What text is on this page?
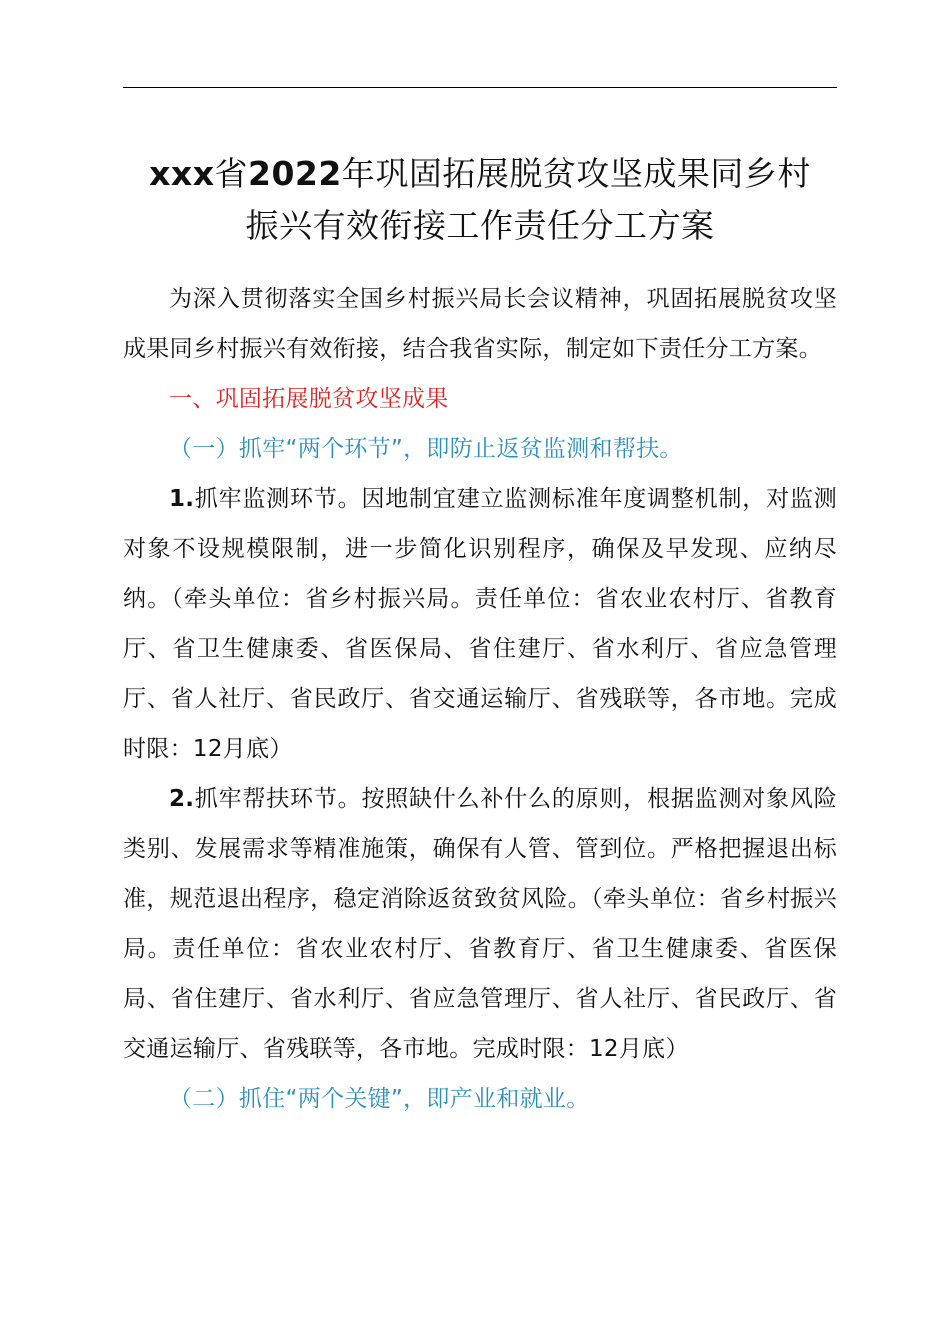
xxx省2022年巩固拓展脱贫攻坚成果同乡村
振兴有效衔接工作责任分工方案

为深入贯彻落实全国乡村振兴局长会议精神，巩固拓展脱贫攻坚成果同乡村振兴有效衔接，结合我省实际，制定如下责任分工方案。

一、巩固拓展脱贫攻坚成果

（一）抓牢“两个环节”，即防止返贫监测和帮扶。

1.抓牢监测环节。因地制宜建立监测标准年度调整机制，对监测对象不设规模限制，进一步简化识别程序，确保及早发现、应纳尽纳。（牵头单位：省乡村振兴局。责任单位：省农业农村厅、省教育厅、省卫生健康委、省医保局、省住建厅、省水利厅、省应急管理厅、省人社厅、省民政厅、省交通运输厅、省残联等，各市地。完成时限：12月底）

2.抓牢帮扶环节。按照缺什么补什么的原则，根据监测对象风险类别、发展需求等精准施策，确保有人管、管到位。严格把握退出标准，规范退出程序，稳定消除返贫致贫风险。（牵头单位：省乡村振兴局。责任单位：省农业农村厅、省教育厅、省卫生健康委、省医保局、省住建厅、省水利厅、省应急管理厅、省人社厅、省民政厅、省交通运输厅、省残联等，各市地。完成时限：12月底）

（二）抓住“两个关键”，即产业和就业。
